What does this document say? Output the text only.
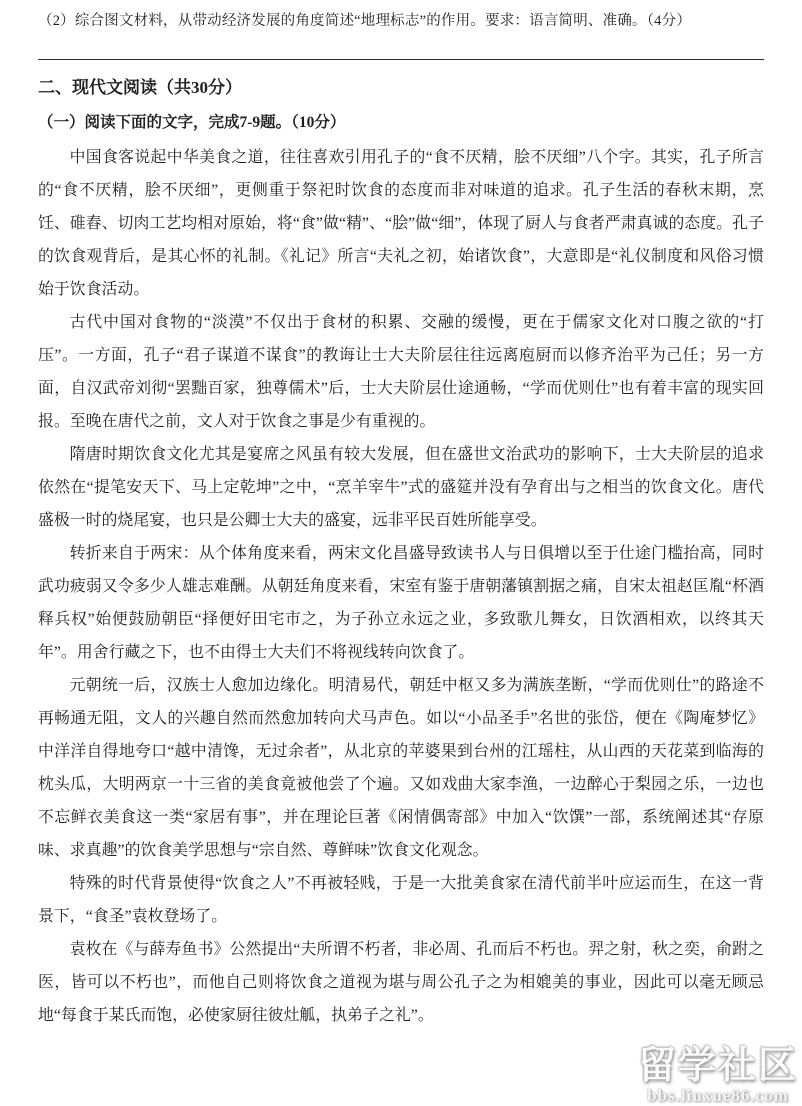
（2）综合图文材料，从带动经济发展的角度简述“地理标志”的作用。要求：语言简明、准确。（4分）

二、现代文阅读（共30分）
（一）阅读下面的文字，完成7-9题。（10分）

中国食客说起中华美食之道，往往喜欢引用孔子的“食不厌精，脍不厌细”八个字。其实，孔子所言的“食不厌精，脍不厌细”，更侧重于祭祀时饮食的态度而非对味道的追求。孔子生活的春秋末期，烹饪、碓舂、切肉工艺均相对原始，将“食”做“精”、“脍”做“细”，体现了厨人与食者严肃真诚的态度。孔子的饮食观背后，是其心怀的礼制。《礼记》所言“夫礼之初，始诸饮食”，大意即是“礼仪制度和风俗习惯始于饮食活动。

古代中国对食物的“淡漠”不仅出于食材的积累、交融的缓慢，更在于儒家文化对口腹之欲的“打压”。一方面，孔子“君子谋道不谋食”的教诲让士大夫阶层往往远离庖厨而以修齐治平为己任；另一方面，自汉武帝刘彻“罢黜百家，独尊儒术”后，士大夫阶层仕途通畅，“学而优则仕”也有着丰富的现实回报。至晚在唐代之前，文人对于饮食之事是少有重视的。

隋唐时期饮食文化尤其是宴席之风虽有较大发展，但在盛世文治武功的影响下，士大夫阶层的追求依然在“提笔安天下、马上定乾坤”之中，“烹羊宰牛”式的盛筵并没有孕育出与之相当的饮食文化。唐代盛极一时的烧尾宴，也只是公卿士大夫的盛宴，远非平民百姓所能享受。

转折来自于两宋：从个体角度来看，两宋文化昌盛导致读书人与日俱增以至于仕途门槛抬高，同时武功疲弱又令多少人雄志难酬。从朝廷角度来看，宋室有鉴于唐朝藩镇割据之痛，自宋太祖赵匡胤“杯酒释兵权”始便鼓励朝臣“择便好田宅市之，为子孙立永远之业，多致歌儿舞女，日饮酒相欢，以终其天年”。用舍行藏之下，也不由得士大夫们不将视线转向饮食了。

元朝统一后，汉族士人愈加边缘化。明清易代，朝廷中枢又多为满族垄断，“学而优则仕”的路途不再畅通无阻，文人的兴趣自然而然愈加转向犬马声色。如以“小品圣手”名世的张岱，便在《陶庵梦忆》中洋洋自得地夸口“越中清馋，无过余者”，从北京的苹婆果到台州的江瑶柱，从山西的天花菜到临海的枕头瓜，大明两京一十三省的美食竟被他尝了个遍。又如戏曲大家李渔，一边醉心于梨园之乐，一边也不忘鲜衣美食这一类“家居有事”，并在理论巨著《闲情偶寄部》中加入“饮馔”一部，系统阐述其“存原味、求真趣”的饮食美学思想与“宗自然、尊鲜味”饮食文化观念。

特殊的时代背景使得“饮食之人”不再被轻贱，于是一大批美食家在清代前半叶应运而生，在这一背景下，“食圣”袁枚登场了。

袁枚在《与薛寿鱼书》公然提出“夫所谓不朽者，非必周、孔而后不朽也。羿之射，秋之奕，俞跗之医，皆可以不朽也”，而他自己则将饮食之道视为堪与周公孔子之为相媲美的事业，因此可以毫无顾忌地“每食于某氏而饱，必使家厨往彼灶觚，执弟子之礼”。

留学社区
bbs.liuxue86.com
